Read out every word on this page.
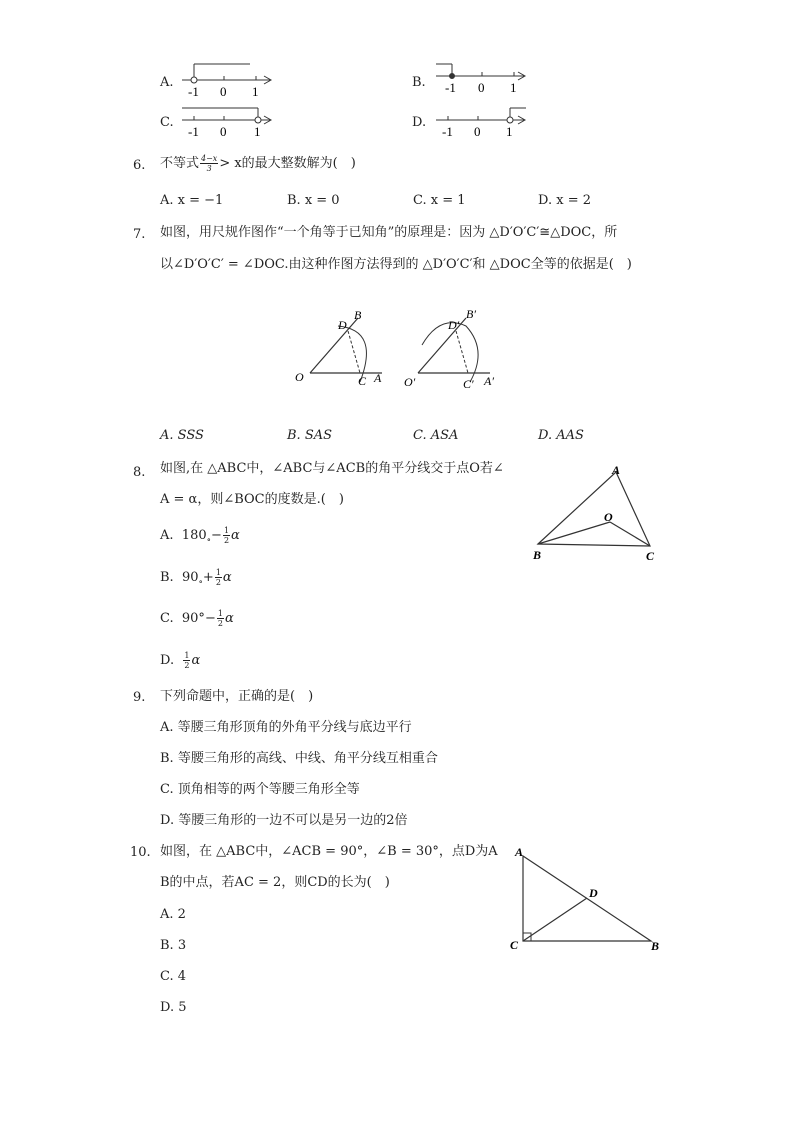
A.
-1 0 1
B. -1 0 1
C.
-1 0 1
D.
-1 0 1
6. 不等式 $\frac{4-x}{3} > x$的最大整数解为(　)
A. x = −1	B. x = 0	C. x = 1	D. x = 2
7. 如图，用尺规作图作“一个角等于已知角”的原理是：因为 △D′O′C′≅△DOC，所
以∠D′O′C′ = ∠DOC.由这种作图方法得到的 △D′O′C′和 △DOC全等的依据是(　)
B
D
O	C A
B′
D′
O′	C′ A′
A. SSS	B. SAS	C. ASA	D. AAS
8. 如图,在 △ABC中，∠ABC与∠ACB的角平分线交于点O若∠
A = α，则∠BOC的度数是.(　)
A
O
B	C
A. $180_\circ- \frac{1}{2}$ α
B. $90_\circ+ \frac{1}{2}$ α
C. $90^\circ- \frac{1}{2}$ α
D. $\frac{1}{2}$ α
9. 下列命题中，正确的是(　)
A. 等腰三角形顶角的外角平分线与底边平行
B. 等腰三角形的高线、中线、角平分线互相重合
C. 顶角相等的两个等腰三角形全等
D. 等腰三角形的一边不可以是另一边的2倍
10. 如图，在 △ABC中，∠ACB = 90°，∠B = 30°，点D为A
B的中点，若AC = 2，则CD的长为(　)
A
D
C	B
A. 2
B. 3
C. 4
D. 5
